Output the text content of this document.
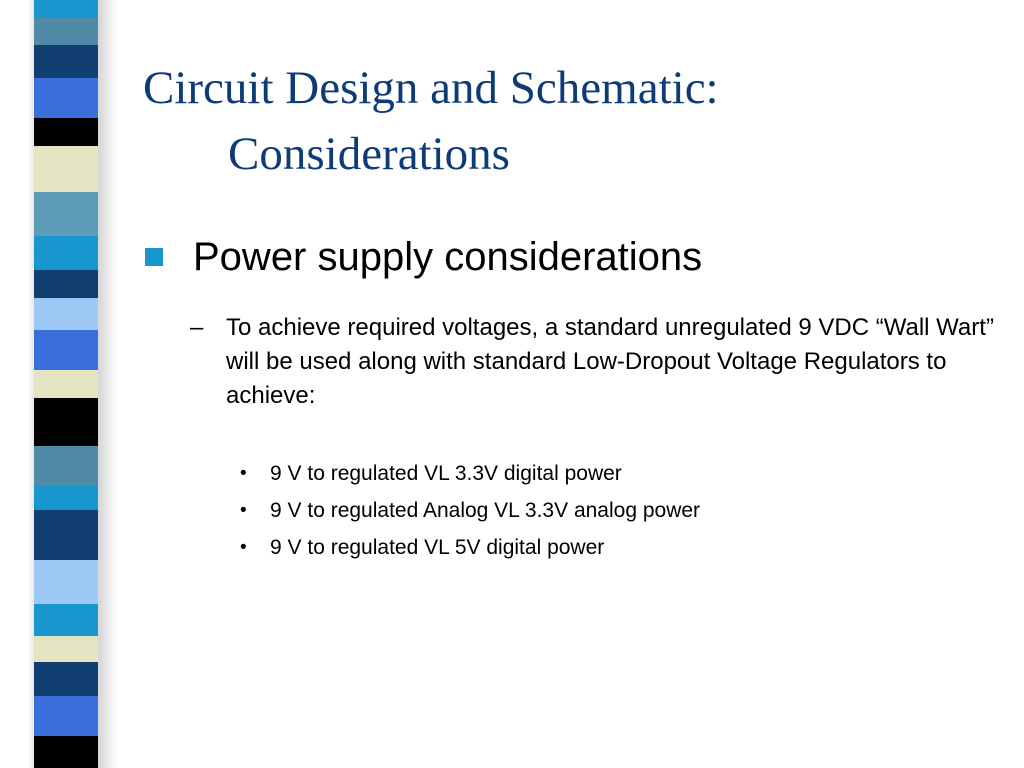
Circuit Design and Schematic:
Considerations
Power supply considerations
– To achieve required voltages, a standard unregulated 9 VDC “Wall Wart” will be used along with standard Low-Dropout Voltage Regulators to achieve:
•	9 V to regulated VL 3.3V digital power
•	9 V to regulated Analog VL 3.3V analog power
•	9 V to regulated VL 5V digital power
